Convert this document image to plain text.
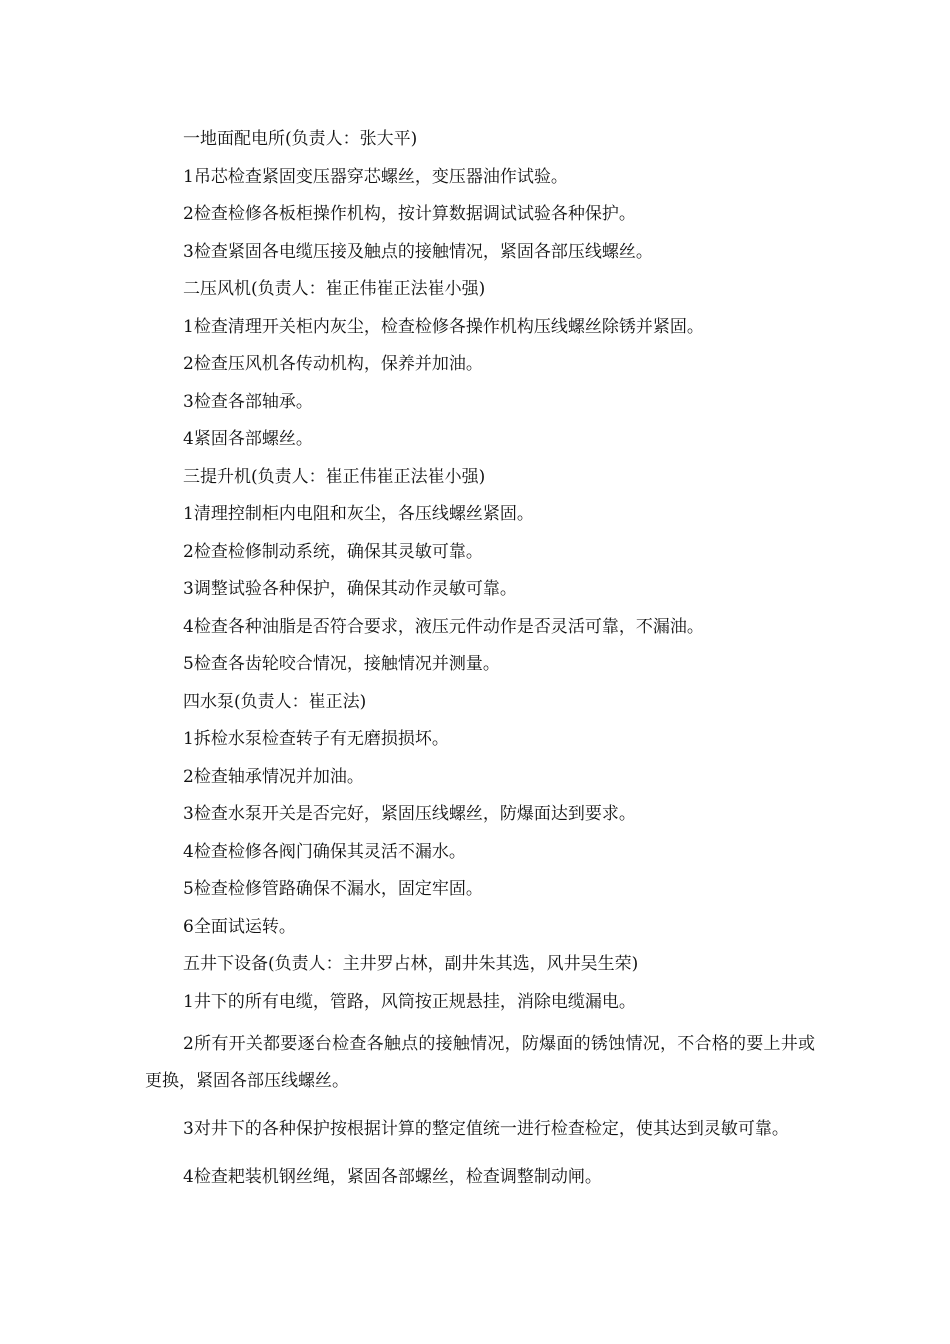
一地面配电所(负责人：张大平)

1吊芯检查紧固变压器穿芯螺丝，变压器油作试验。

2检查检修各板柜操作机构，按计算数据调试试验各种保护。

3检查紧固各电缆压接及触点的接触情况，紧固各部压线螺丝。

二压风机(负责人：崔正伟崔正法崔小强)

1检查清理开关柜内灰尘，检查检修各操作机构压线螺丝除锈并紧固。

2检查压风机各传动机构，保养并加油。

3检查各部轴承。

4紧固各部螺丝。

三提升机(负责人：崔正伟崔正法崔小强)

1清理控制柜内电阻和灰尘，各压线螺丝紧固。

2检查检修制动系统，确保其灵敏可靠。

3调整试验各种保护，确保其动作灵敏可靠。

4检查各种油脂是否符合要求，液压元件动作是否灵活可靠，不漏油。

5检查各齿轮咬合情况，接触情况并测量。

四水泵(负责人：崔正法)

1拆检水泵检查转子有无磨损损坏。

2检查轴承情况并加油。

3检查水泵开关是否完好，紧固压线螺丝，防爆面达到要求。

4检查检修各阀门确保其灵活不漏水。

5检查检修管路确保不漏水，固定牢固。

6全面试运转。

五井下设备(负责人：主井罗占林，副井朱其选，风井吴生荣)

1井下的所有电缆，管路，风筒按正规悬挂，消除电缆漏电。

2所有开关都要逐台检查各触点的接触情况，防爆面的锈蚀情况，不合格的要上井或更换，紧固各部压线螺丝。

3对井下的各种保护按根据计算的整定值统一进行检查检定，使其达到灵敏可靠。

4检查耙装机钢丝绳，紧固各部螺丝，检查调整制动闸。
